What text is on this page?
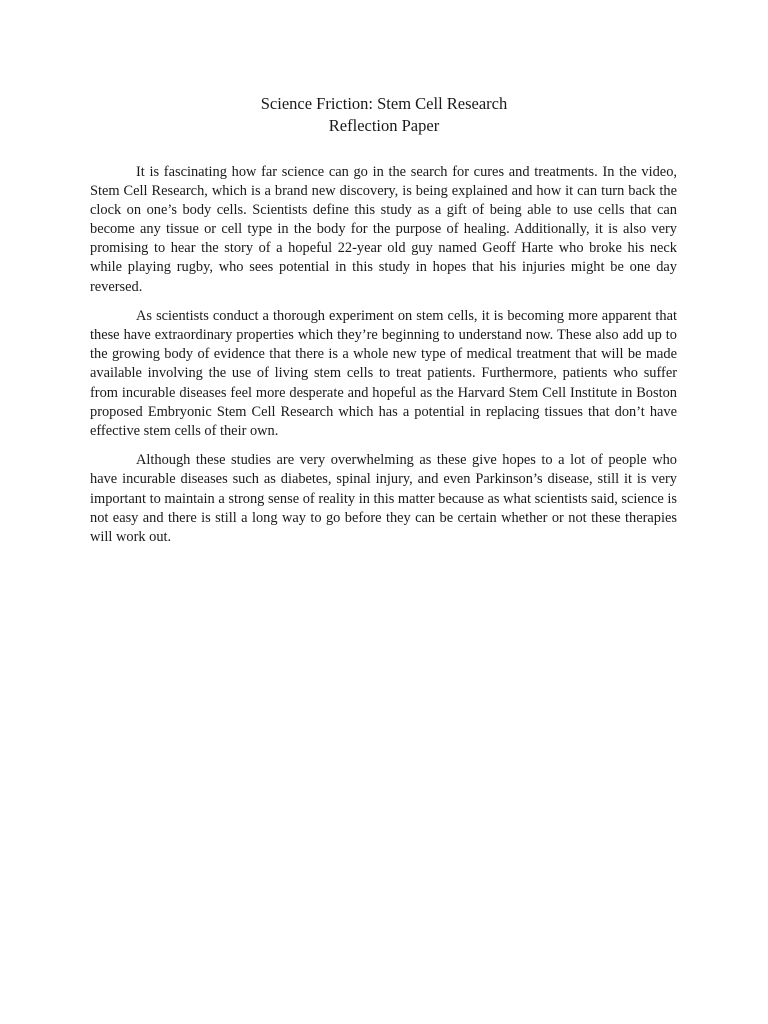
Science Friction: Stem Cell Research
Reflection Paper

It is fascinating how far science can go in the search for cures and treatments. In the video, Stem Cell Research, which is a brand new discovery, is being explained and how it can turn back the clock on one’s body cells. Scientists define this study as a gift of being able to use cells that can become any tissue or cell type in the body for the purpose of healing. Additionally, it is also very promising to hear the story of a hopeful 22-year old guy named Geoff Harte who broke his neck while playing rugby, who sees potential in this study in hopes that his injuries might be one day reversed.

As scientists conduct a thorough experiment on stem cells, it is becoming more apparent that these have extraordinary properties which they’re beginning to understand now. These also add up to the growing body of evidence that there is a whole new type of medical treatment that will be made available involving the use of living stem cells to treat patients. Furthermore, patients who suffer from incurable diseases feel more desperate and hopeful as the Harvard Stem Cell Institute in Boston proposed Embryonic Stem Cell Research which has a potential in replacing tissues that don’t have effective stem cells of their own.

Although these studies are very overwhelming as these give hopes to a lot of people who have incurable diseases such as diabetes, spinal injury, and even Parkinson’s disease, still it is very important to maintain a strong sense of reality in this matter because as what scientists said, science is not easy and there is still a long way to go before they can be certain whether or not these therapies will work out.
